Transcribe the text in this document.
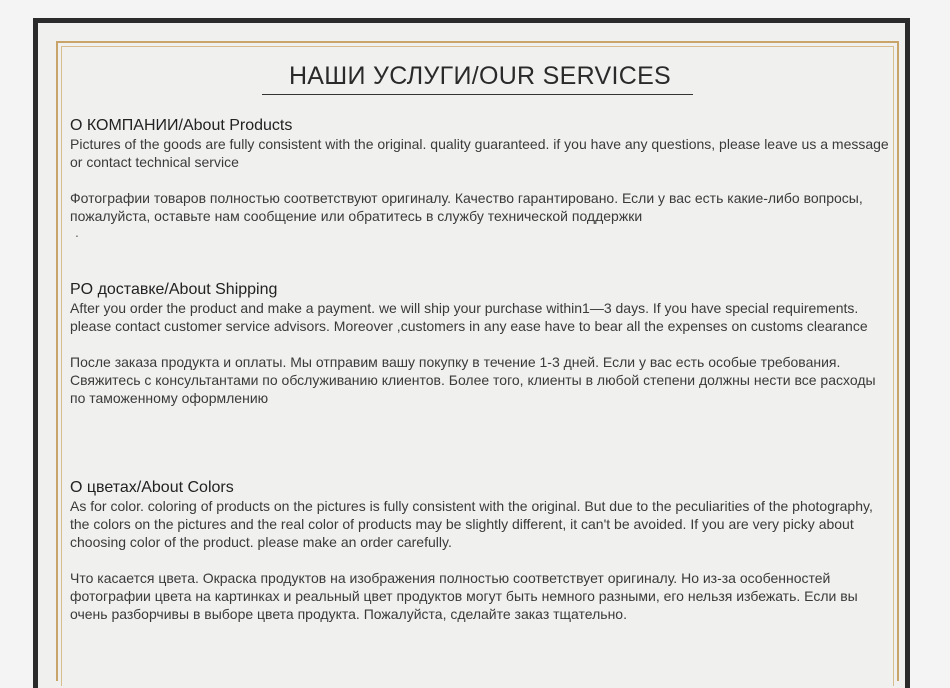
НАШИ УСЛУГИ/OUR SERVICES
О КОМПАНИИ/About Products

Pictures of the goods are fully consistent with the original. quality guaranteed. if you have any questions, please leave us a message or contact technical service

Фотографии товаров полностью соответствуют оригиналу. Качество гарантировано. Если у вас есть какие-либо вопросы, пожалуйста, оставьте нам сообщение или обратитесь в службу технической поддержки

.
PO доставке/About Shipping

After you order the product and make a payment. we will ship your purchase within1—3 days. If you have special requirements. please contact customer service advisors. Moreover ,customers in any ease have to bear all the expenses on customs clearance

После заказа продукта и оплаты. Мы отправим вашу покупку в течение 1-3 дней. Если у вас есть особые требования. Свяжитесь с консультантами по обслуживанию клиентов. Более того, клиенты в любой степени должны нести все расходы по таможенному оформлению

О цветах/About Colors

As for color. coloring of products on the pictures is fully consistent with the original. But due to the peculiarities of the photography, the colors on the pictures and the real color of products may be slightly different, it can't be avoided. If you are very picky about choosing color of the product. please make an order carefully.

Что касается цвета. Окраска продуктов на изображения полностью соответствует оригиналу. Но из-за особенностей фотографии цвета на картинках и реальный цвет продуктов могут быть немного разными, его нельзя избежать. Если вы очень разборчивы в выборе цвета продукта. Пожалуйста, сделайте заказ тщательно.
